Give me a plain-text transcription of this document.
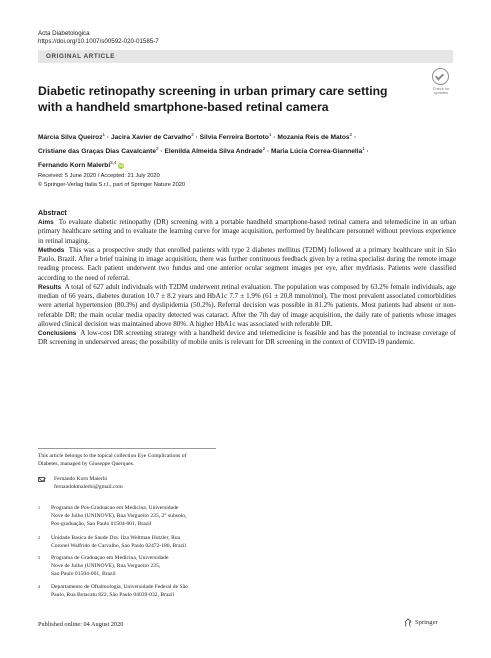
Acta Diabetologica
https://doi.org/10.1007/s00592-020-01585-7
ORIGINAL ARTICLE
Check for
updates
Diabetic retinopathy screening in urban primary care setting
with a handheld smartphone-based retinal camera
Márcia Silva Queiroz$^1$ · Jacira Xavier de Carvalho$^2$ · Silvia Ferreira Bortoto$^1$ · Mozania Reis de Matos$^2$ ·
Cristiane das Graças Dias Cavalcante$^2$ · Elenilda Almeida Silva Andrade$^2$ · Maria Lúcia Correa-Giannella$^1$ ·
Fernando Korn Malerbi$^{3,4}$ iD
Received: 5 June 2020 / Accepted: 21 July 2020
© Springer-Verlag Italia S.r.l., part of Springer Nature 2020
Abstract

Aims To evaluate diabetic retinopathy (DR) screening with a portable handheld smartphone-based retinal camera and telemedicine in an urban primary healthcare setting and to evaluate the learning curve for image acquisition, performed by healthcare personnel without previous experience in retinal imaging.

Methods This was a prospective study that enrolled patients with type 2 diabetes mellitus (T2DM) followed at a primary healthcare unit in São Paulo, Brazil. After a brief training in image acquisition, there was further continuous feedback given by a retina specialist during the remote image reading process. Each patient underwent two fundus and one anterior ocular segment images per eye, after mydriasis. Patients were classified according to the need of referral.

Results A total of 627 adult individuals with T2DM underwent retinal evaluation. The population was composed by 63.2% female individuals, age median of 66 years, diabetes duration 10.7 ± 8.2 years and HbA1c 7.7 ± 1.9% (61 ± 20.8 mmol/mol). The most prevalent associated comorbidities were arterial hypertension (80.3%) and dyslipidemia (50.2%). Referral decision was possible in 81.2% patients. Most patients had absent or non-referable DR; the main ocular media opacity detected was cataract. After the 7th day of image acquisition, the daily rate of patients whose images allowed clinical decision was maintained above 80%. A higher HbA1c was associated with referable DR.

Conclusions A low-cost DR screening strategy with a handheld device and telemedicine is feasible and has the potential to increase coverage of DR screening in underserved areas; the possibility of mobile units is relevant for DR screening in the context of COVID-19 pandemic.

This article belongs to the topical collection Eye Complications of
Diabetes, managed by Giuseppe Querques.
Fernando Korn Malerbi
fernandokmalerbi@gmail.com
1 Programa de Pos-Graduacao em Medicina, Universidade
Nove de Julho (UNINOVE), Rua Vergueiro 235, 2° subsolo,
Pos-graduação, Sao Paulo 01504-001, Brazil
2 Unidade Basica de Saude Dra. Ilza Weltman Hutzler, Rua
Coronel Walfrido de Carvalho, Sao Paulo 02472-180, Brazil
3 Programa de Graduaçao em Medicina, Universidade
Nove de Julho (UNINOVE), Rua Vergueiro 235,
Sao Paulo 01504-001, Brazil
4 Departamento de Oftalmologia, Universidade Federal de São
Paulo, Rua Botacatu 822, São Paulo 04039-032, Brazil
Published online: 04 August 2020	Springer
